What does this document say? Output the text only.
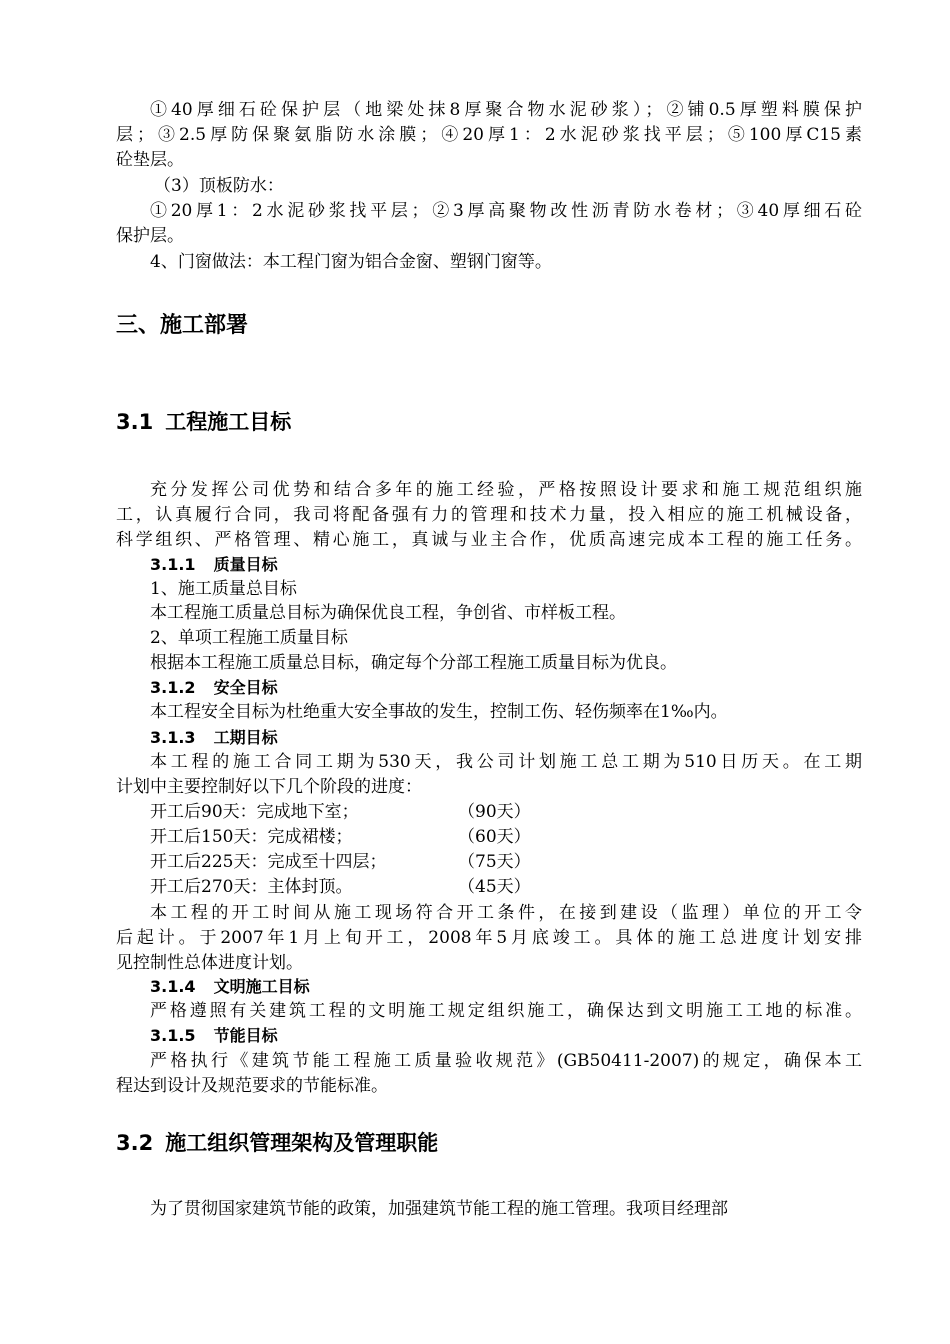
①40厚细石砼保护层（地梁处抹8厚聚合物水泥砂浆）；②铺0.5厚塑料膜保护
层；③2.5厚防保聚氨脂防水涂膜；④20厚1：2水泥砂浆找平层；⑤100厚C15素
砼垫层。
（3）顶板防水：
①20厚1：2水泥砂浆找平层；②3厚高聚物改性沥青防水卷材；③40厚细石砼
保护层。
4、门窗做法：本工程门窗为铝合金窗、塑钢门窗等。
三、施工部署
3.1 工程施工目标
充分发挥公司优势和结合多年的施工经验，严格按照设计要求和施工规范组织施
工，认真履行合同，我司将配备强有力的管理和技术力量，投入相应的施工机械设备，
科学组织、严格管理、精心施工，真诚与业主合作，优质高速完成本工程的施工任务。
3.1.1 质量目标
1、施工质量总目标
本工程施工质量总目标为确保优良工程，争创省、市样板工程。
2、单项工程施工质量目标
根据本工程施工质量总目标，确定每个分部工程施工质量目标为优良。
3.1.2 安全目标
本工程安全目标为杜绝重大安全事故的发生，控制工伤、轻伤频率在1‰内。
3.1.3 工期目标
本工程的施工合同工期为530天，我公司计划施工总工期为510日历天。在工期
计划中主要控制好以下几个阶段的进度：
开工后90天：完成地下室；	（90天）
开工后150天：完成裙楼；	（60天）
开工后225天：完成至十四层；	（75天）
开工后270天：主体封顶。	（45天）
本工程的开工时间从施工现场符合开工条件，在接到建设（监理）单位的开工令
后起计。于2007年1月上旬开工，2008年5月底竣工。具体的施工总进度计划安排
见控制性总体进度计划。
3.1.4 文明施工目标
严格遵照有关建筑工程的文明施工规定组织施工，确保达到文明施工工地的标准。
3.1.5 节能目标
严格执行《建筑节能工程施工质量验收规范》(GB50411-2007)的规定，确保本工
程达到设计及规范要求的节能标准。
3.2 施工组织管理架构及管理职能
为了贯彻国家建筑节能的政策，加强建筑节能工程的施工管理。我项目经理部
